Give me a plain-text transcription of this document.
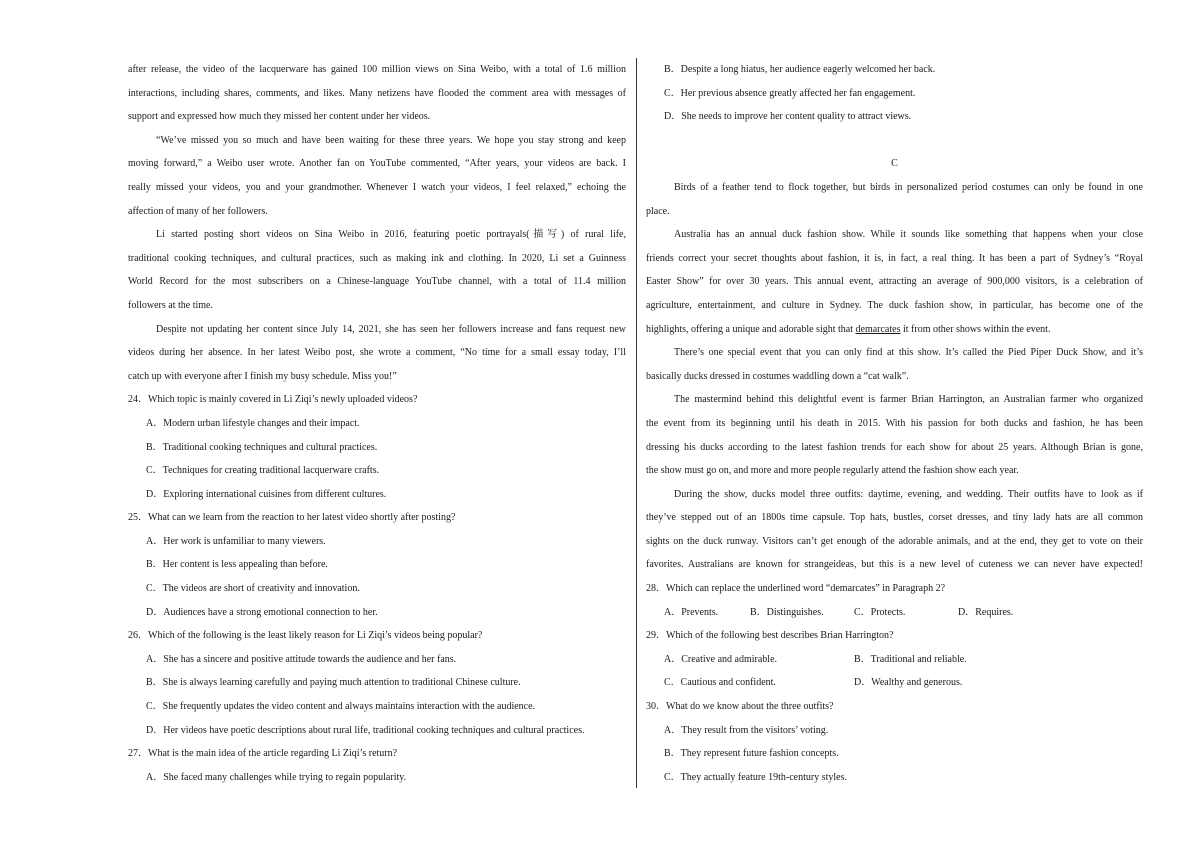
after release, the video of the lacquerware has gained 100 million views on Sina Weibo, with a total of 1.6 million
interactions, including shares, comments, and likes. Many netizens have flooded the comment area with messages of
support and expressed how much they missed her content under her videos.
“We’ve missed you so much and have been waiting for these three years. We hope you stay strong and keep
moving forward,” a Weibo user wrote. Another fan on YouTube commented, “After years, your videos are back. I
really missed your videos, you and your grandmother. Whenever I watch your videos, I feel relaxed,” echoing the
affection of many of her followers.
Li started posting short videos on Sina Weibo in 2016, featuring poetic portrayals(描写) of rural life,
traditional cooking techniques, and cultural practices, such as making ink and clothing. In 2020, Li set a Guinness
World Record for the most subscribers on a Chinese-language YouTube channel, with a total of 11.4 million
followers at the time.
Despite not updating her content since July 14, 2021, she has seen her followers increase and fans request new
videos during her absence. In her latest Weibo post, she wrote a comment, “No time for a small essay today, I’ll
catch up with everyone after I finish my busy schedule. Miss you!”
24．Which topic is mainly covered in Li Ziqi’s newly uploaded videos?
A．Modern urban lifestyle changes and their impact.
B．Traditional cooking techniques and cultural practices.
C．Techniques for creating traditional lacquerware crafts.
D．Exploring international cuisines from different cultures.
25．What can we learn from the reaction to her latest video shortly after posting?
A．Her work is unfamiliar to many viewers.
B．Her content is less appealing than before.
C．The videos are short of creativity and innovation.
D．Audiences have a strong emotional connection to her.
26．Which of the following is the least likely reason for Li Ziqi’s videos being popular?
A．She has a sincere and positive attitude towards the audience and her fans.
B．She is always learning carefully and paying much attention to traditional Chinese culture.
C．She frequently updates the video content and always maintains interaction with the audience.
D．Her videos have poetic descriptions about rural life, traditional cooking techniques and cultural practices.
27．What is the main idea of the article regarding Li Ziqi’s return?
A．She faced many challenges while trying to regain popularity.
B．Despite a long hiatus, her audience eagerly welcomed her back.
C．Her previous absence greatly affected her fan engagement.
D．She needs to improve her content quality to attract views.
C
Birds of a feather tend to flock together, but birds in personalized period costumes can only be found in one
place.
Australia has an annual duck fashion show. While it sounds like something that happens when your close
friends correct your secret thoughts about fashion, it is, in fact, a real thing. It has been a part of Sydney’s “Royal
Easter Show” for over 30 years. This annual event, attracting an average of 900,000 visitors, is a celebration of
agriculture, entertainment, and culture in Sydney. The duck fashion show, in particular, has become one of the
highlights, offering a unique and adorable sight that demarcates it from other shows within the event.
There’s one special event that you can only find at this show. It’s called the Pied Piper Duck Show, and it’s
basically ducks dressed in costumes waddling down a “cat walk”.
The mastermind behind this delightful event is farmer Brian Harrington, an Australian farmer who organized
the event from its beginning until his death in 2015. With his passion for both ducks and fashion, he has been
dressing his ducks according to the latest fashion trends for each show for about 25 years. Although Brian is gone,
the show must go on, and more and more people regularly attend the fashion show each year.
During the show, ducks model three outfits: daytime, evening, and wedding. Their outfits have to look as if
they’ve stepped out of an 1800s time capsule. Top hats, bustles, corset dresses, and tiny lady hats are all common
sights on the duck runway. Visitors can’t get enough of the adorable animals, and at the end, they get to vote on their
favorites. Australians are known for strangeideas, but this is a new level of cuteness we can never have expected!
28．Which can replace the underlined word “demarcates” in Paragraph 2?
A．Prevents.	B．Distinguishes.	C．Protects.	D．Requires.
29．Which of the following best describes Brian Harrington?
A．Creative and admirable.	B．Traditional and reliable.
C．Cautious and confident.	D．Wealthy and generous.
30．What do we know about the three outfits?
A．They result from the visitors’ voting.
B．They represent future fashion concepts.
C．They actually feature 19th-century styles.
